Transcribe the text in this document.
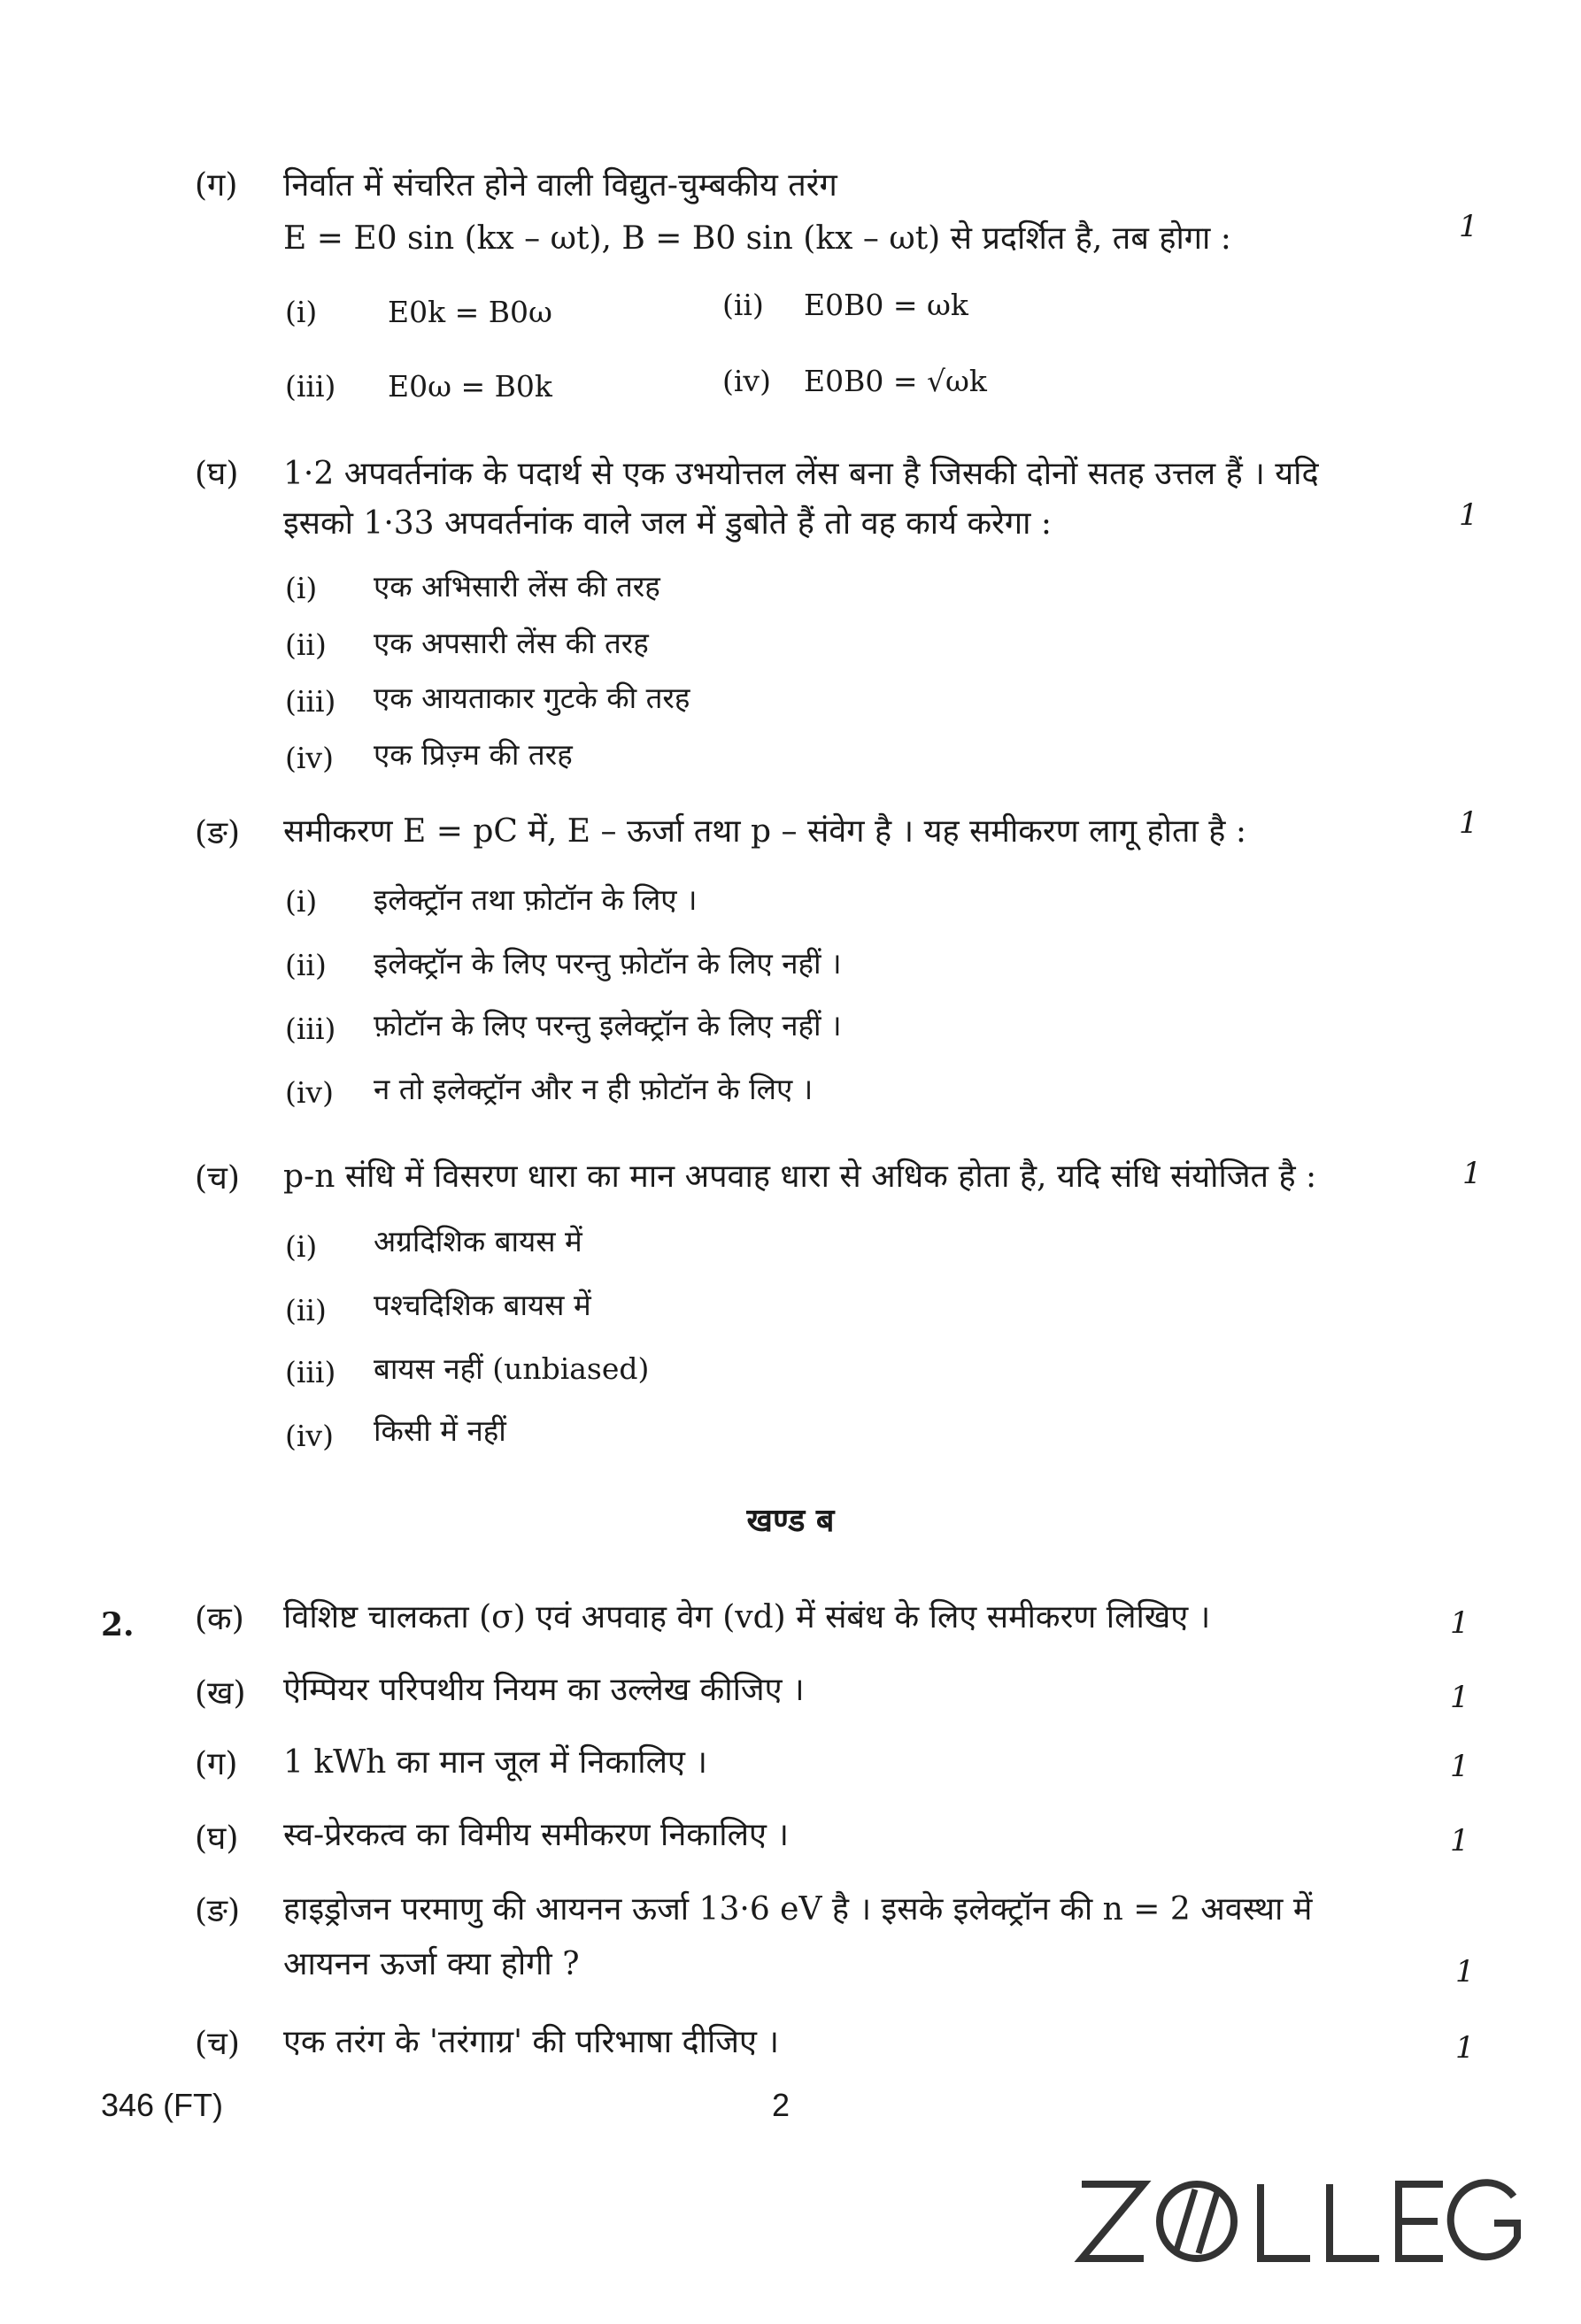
(ग) निर्वात में संचरित होने वाली विद्युत-चुम्बकीय तरंग
E = E0 sin (kx – ωt), B = B0 sin (kx – ωt) से प्रदर्शित है, तब होगा :	1
(i) E0k = B0ω	(ii) E0B0 = ωk
(iii) E0ω = B0k	(iv) E0B0 = √ωk
(घ) 1·2 अपवर्तनांक के पदार्थ से एक उभयोत्तल लेंस बना है जिसकी दोनों सतह उत्तल हैं । यदि
इसको 1·33 अपवर्तनांक वाले जल में डुबोते हैं तो वह कार्य करेगा :	1
(i) एक अभिसारी लेंस की तरह
(ii) एक अपसारी लेंस की तरह
(iii) एक आयताकार गुटके की तरह
(iv) एक प्रिज़्म की तरह
(ङ) समीकरण E = pC में, E – ऊर्जा तथा p – संवेग है । यह समीकरण लागू होता है :	1
(i) इलेक्ट्रॉन तथा फ़ोटॉन के लिए ।
(ii) इलेक्ट्रॉन के लिए परन्तु फ़ोटॉन के लिए नहीं ।
(iii) फ़ोटॉन के लिए परन्तु इलेक्ट्रॉन के लिए नहीं ।
(iv) न तो इलेक्ट्रॉन और न ही फ़ोटॉन के लिए ।
(च) p-n संधि में विसरण धारा का मान अपवाह धारा से अधिक होता है, यदि संधि संयोजित है :	1
(i) अग्रदिशिक बायस में
(ii) पश्चदिशिक बायस में
(iii) बायस नहीं (unbiased)
(iv) किसी में नहीं
खण्ड ब
2. (क) विशिष्ट चालकता (σ) एवं अपवाह वेग (vd) में संबंध के लिए समीकरण लिखिए ।	1
(ख) ऐम्पियर परिपथीय नियम का उल्लेख कीजिए ।	1
(ग) 1 kWh का मान जूल में निकालिए ।	1
(घ) स्व-प्रेरकत्व का विमीय समीकरण निकालिए ।	1
(ङ) हाइड्रोजन परमाणु की आयनन ऊर्जा 13·6 eV है । इसके इलेक्ट्रॉन की n = 2 अवस्था में
आयनन ऊर्जा क्या होगी ?	1
(च) एक तरंग के 'तरंगाग्र' की परिभाषा दीजिए ।	1
346 (FT)	2
